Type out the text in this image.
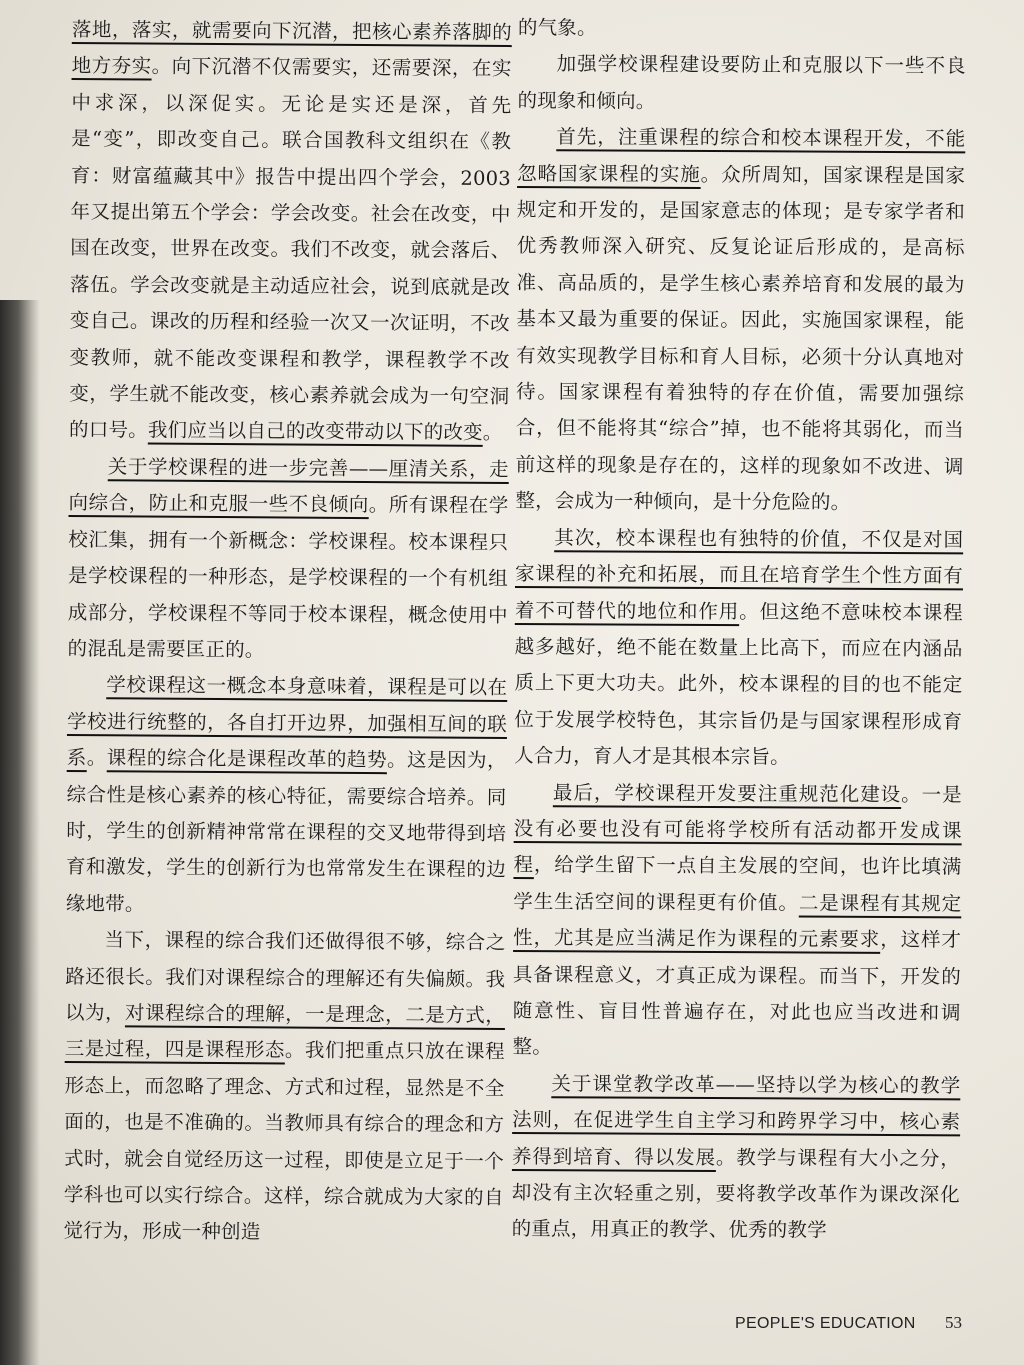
落地，落实，就需要向下沉潜，把核心素养落脚的地方夯实。向下沉潜不仅需要实，还需要深，在实中求深，以深促实。无论是实还是深，首先是“变”，即改变自己。联合国教科文组织在《教育：财富蕴藏其中》报告中提出四个学会，2003年又提出第五个学会：学会改变。社会在改变，中国在改变，世界在改变。我们不改变，就会落后、落伍。学会改变就是主动适应社会，说到底就是改变自己。课改的历程和经验一次又一次证明，不改变教师，就不能改变课程和教学，课程教学不改变，学生就不能改变，核心素养就会成为一句空洞的口号。我们应当以自己的改变带动以下的改变。

关于学校课程的进一步完善——厘清关系，走向综合，防止和克服一些不良倾向。所有课程在学校汇集，拥有一个新概念：学校课程。校本课程只是学校课程的一种形态，是学校课程的一个有机组成部分，学校课程不等同于校本课程，概念使用中的混乱是需要匡正的。

学校课程这一概念本身意味着，课程是可以在学校进行统整的，各自打开边界，加强相互间的联系。课程的综合化是课程改革的趋势。这是因为，综合性是核心素养的核心特征，需要综合培养。同时，学生的创新精神常常在课程的交叉地带得到培育和激发，学生的创新行为也常常发生在课程的边缘地带。

当下，课程的综合我们还做得很不够，综合之路还很长。我们对课程综合的理解还有失偏颇。我以为，对课程综合的理解，一是理念，二是方式，三是过程，四是课程形态。我们把重点只放在课程形态上，而忽略了理念、方式和过程，显然是不全面的，也是不准确的。当教师具有综合的理念和方式时，就会自觉经历这一过程，即使是立足于一个学科也可以实行综合。这样，综合就成为大家的自觉行为，形成一种创造

的气象。

加强学校课程建设要防止和克服以下一些不良的现象和倾向。

首先，注重课程的综合和校本课程开发，不能忽略国家课程的实施。众所周知，国家课程是国家规定和开发的，是国家意志的体现；是专家学者和优秀教师深入研究、反复论证后形成的，是高标准、高品质的，是学生核心素养培育和发展的最为基本又最为重要的保证。因此，实施国家课程，能有效实现教学目标和育人目标，必须十分认真地对待。国家课程有着独特的存在价值，需要加强综合，但不能将其“综合”掉，也不能将其弱化，而当前这样的现象是存在的，这样的现象如不改进、调整，会成为一种倾向，是十分危险的。

其次，校本课程也有独特的价值，不仅是对国家课程的补充和拓展，而且在培育学生个性方面有着不可替代的地位和作用。但这绝不意味校本课程越多越好，绝不能在数量上比高下，而应在内涵品质上下更大功夫。此外，校本课程的目的也不能定位于发展学校特色，其宗旨仍是与国家课程形成育人合力，育人才是其根本宗旨。

最后，学校课程开发要注重规范化建设。一是没有必要也没有可能将学校所有活动都开发成课程，给学生留下一点自主发展的空间，也许比填满学生生活空间的课程更有价值。二是课程有其规定性，尤其是应当满足作为课程的元素要求，这样才具备课程意义，才真正成为课程。而当下，开发的随意性、盲目性普遍存在，对此也应当改进和调整。

关于课堂教学改革——坚持以学为核心的教学法则，在促进学生自主学习和跨界学习中，核心素养得到培育、得以发展。教学与课程有大小之分，却没有主次轻重之别，要将教学改革作为课改深化的重点，用真正的教学、优秀的教学

PEOPLE'S EDUCATION 53
